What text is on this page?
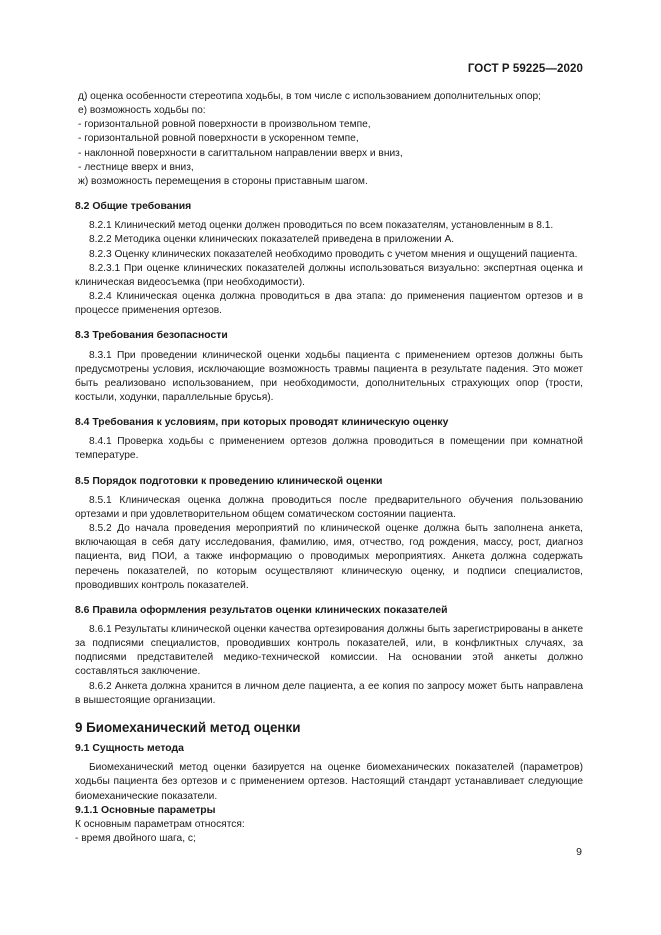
ГОСТ Р 59225—2020

д) оценка особенности стереотипа ходьбы, в том числе с использованием дополнительных опор;

е) возможность ходьбы по:

- горизонтальной ровной поверхности в произвольном темпе,

- горизонтальной ровной поверхности в ускоренном темпе,

- наклонной поверхности в сагиттальном направлении вверх и вниз,

- лестнице вверх и вниз,

ж) возможность перемещения в стороны приставным шагом.

8.2 Общие требования

8.2.1 Клинический метод оценки должен проводиться по всем показателям, установленным в 8.1.

8.2.2 Методика оценки клинических показателей приведена в приложении А.

8.2.3 Оценку клинических показателей необходимо проводить с учетом мнения и ощущений пациента.

8.2.3.1 При оценке клинических показателей должны использоваться визуально: экспертная оценка и клиническая видеосъемка (при необходимости).

8.2.4 Клиническая оценка должна проводиться в два этапа: до применения пациентом ортезов и в процессе применения ортезов.

8.3 Требования безопасности

8.3.1 При проведении клинической оценки ходьбы пациента с применением ортезов должны быть предусмотрены условия, исключающие возможность травмы пациента в результате падения. Это может быть реализовано использованием, при необходимости, дополнительных страхующих опор (трости, костыли, ходунки, параллельные брусья).

8.4 Требования к условиям, при которых проводят клиническую оценку

8.4.1 Проверка ходьбы с применением ортезов должна проводиться в помещении при комнатной температуре.

8.5 Порядок подготовки к проведению клинической оценки

8.5.1 Клиническая оценка должна проводиться после предварительного обучения пользованию ортезами и при удовлетворительном общем соматическом состоянии пациента.

8.5.2 До начала проведения мероприятий по клинической оценке должна быть заполнена анкета, включающая в себя дату исследования, фамилию, имя, отчество, год рождения, массу, рост, диагноз пациента, вид ПОИ, а также информацию о проводимых мероприятиях. Анкета должна содержать перечень показателей, по которым осуществляют клиническую оценку, и подписи специалистов, проводивших контроль показателей.

8.6 Правила оформления результатов оценки клинических показателей

8.6.1 Результаты клинической оценки качества ортезирования должны быть зарегистрированы в анкете за подписями специалистов, проводивших контроль показателей, или, в конфликтных случаях, за подписями представителей медико-технической комиссии. На основании этой анкеты должно составляться заключение.

8.6.2 Анкета должна хранится в личном деле пациента, а ее копия по запросу может быть направлена в вышестоящие организации.

9 Биомеханический метод оценки

9.1 Сущность метода

Биомеханический метод оценки базируется на оценке биомеханических показателей (параметров) ходьбы пациента без ортезов и с применением ортезов. Настоящий стандарт устанавливает следующие биомеханические показатели.

9.1.1 Основные параметры

К основным параметрам относятся:

- время двойного шага, с;

9
